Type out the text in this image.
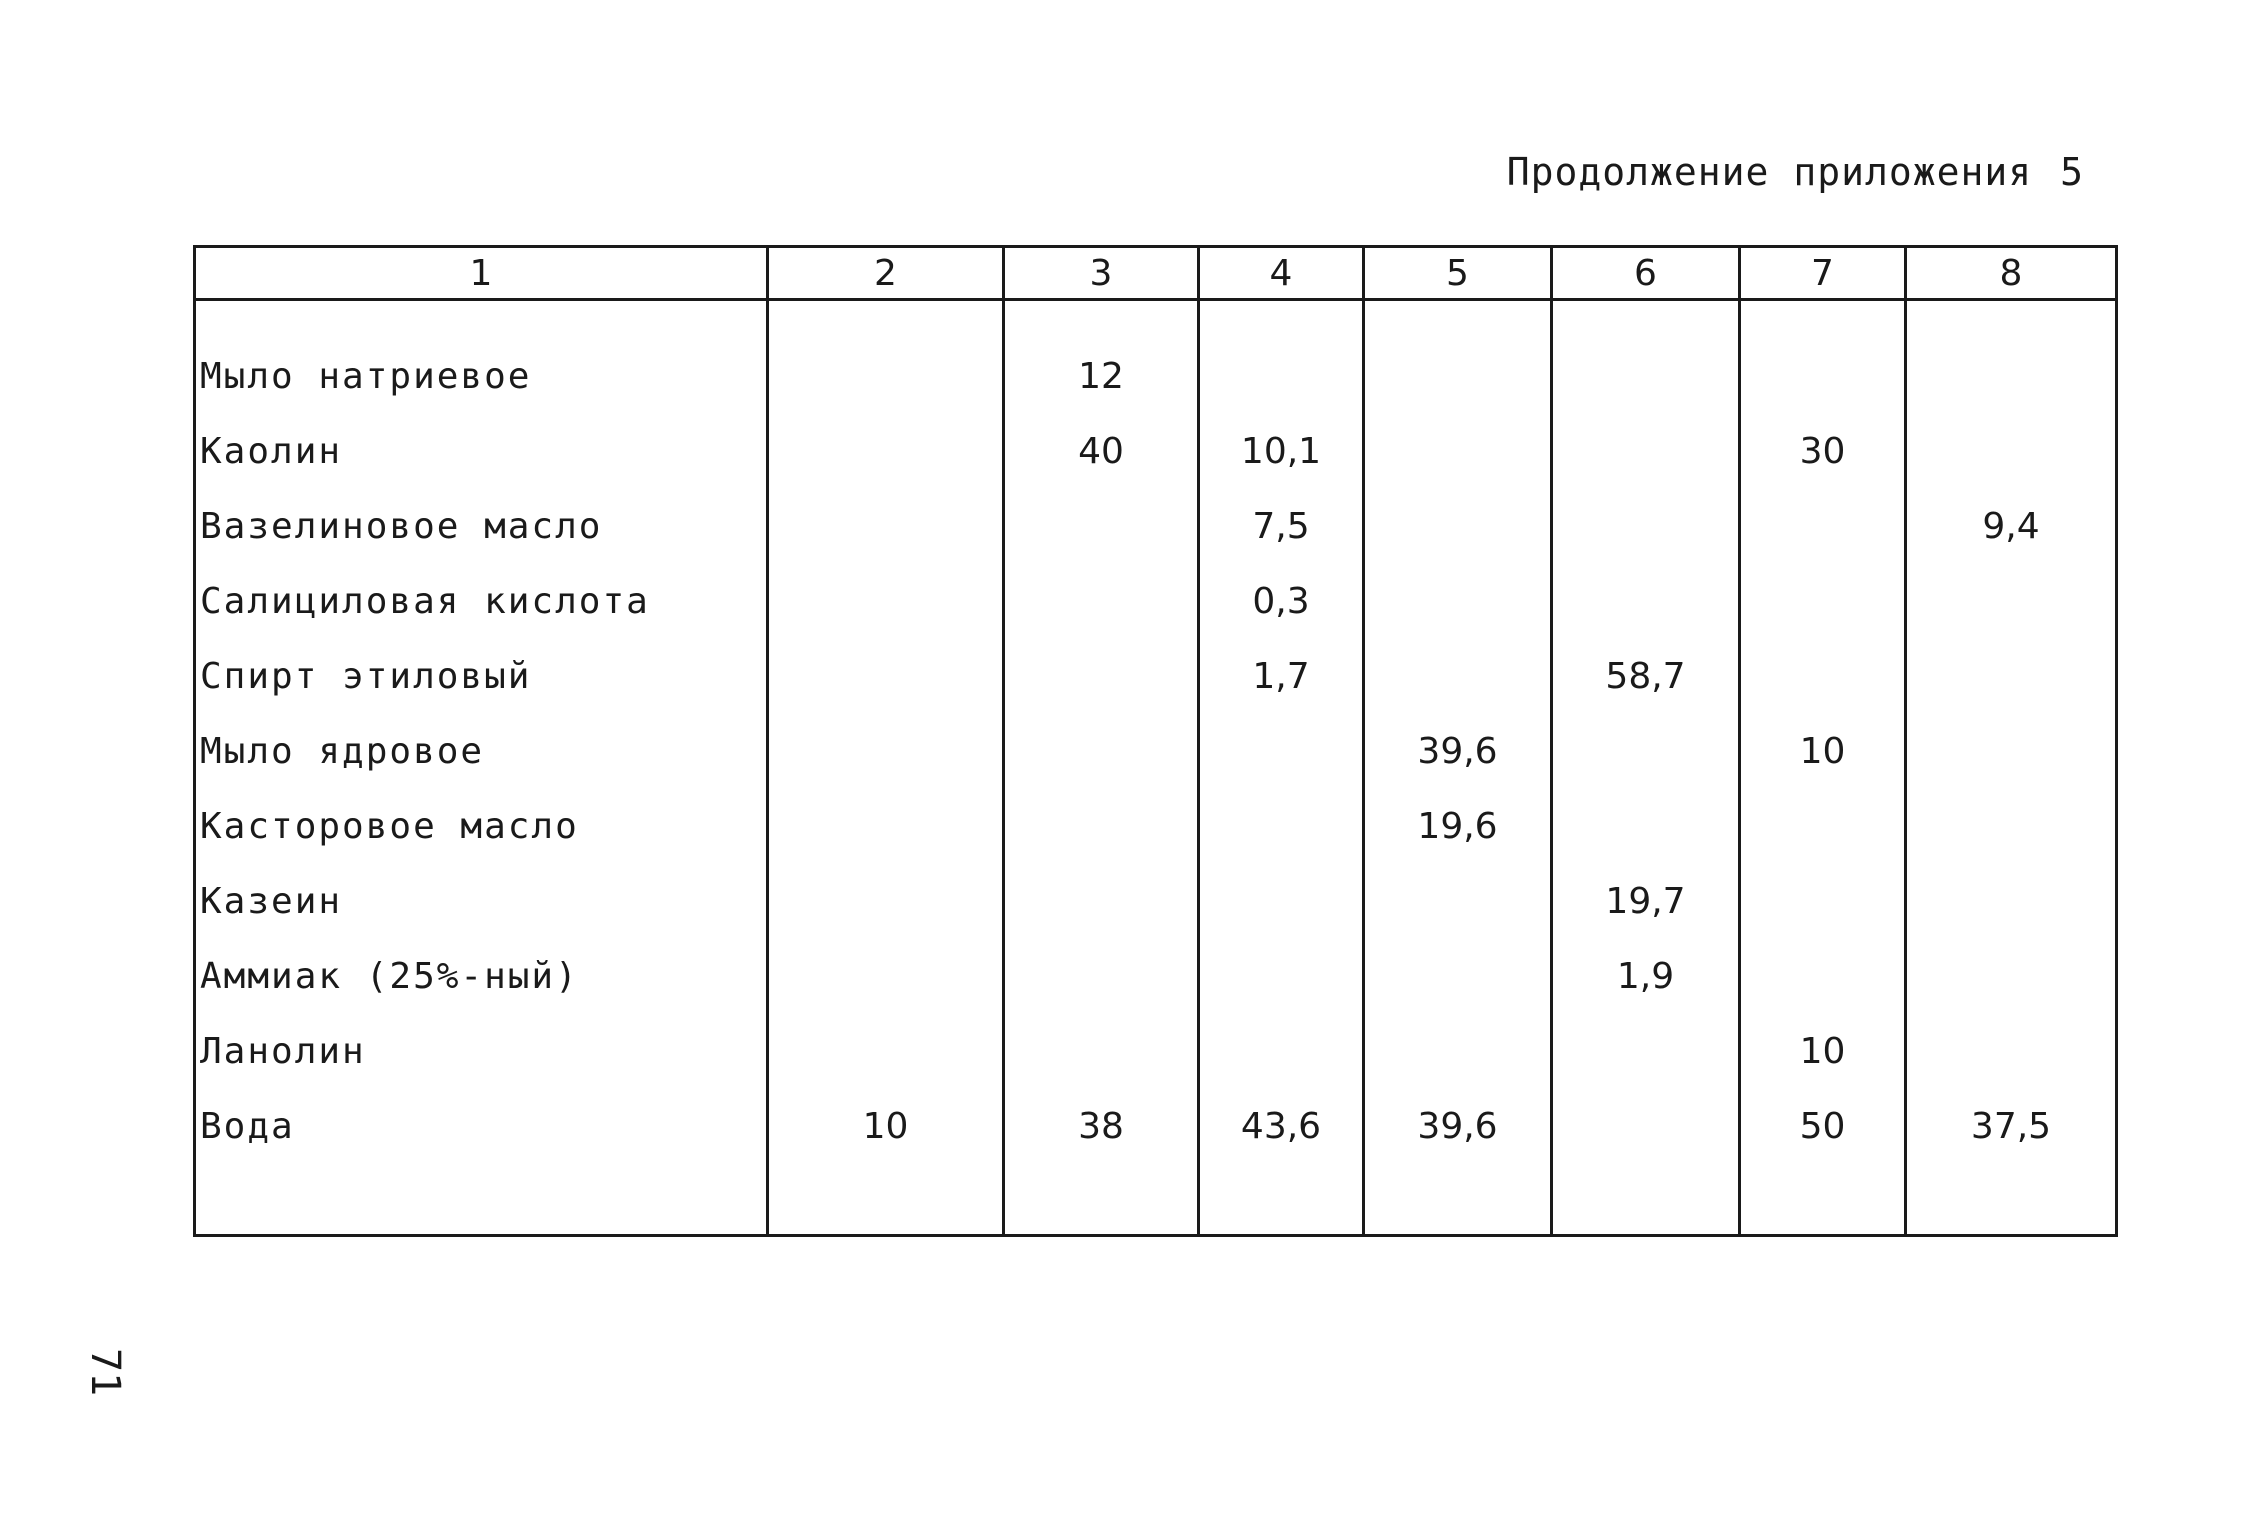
Продолжение приложения 5
1	2	3	4	5	6	7	8

Мыло натриевое		12					
Каолин		40	10,1			30	
Вазелиновое масло			7,5				9,4
Салициловая кислота			0,3				
Спирт этиловый			1,7		58,7		
Мыло ядровое				39,6		10	
Касторовое масло				19,6			
Казеин					19,7		
Аммиак (25%-ный)					1,9		
Ланолин						10	
Вода	10	38	43,6	39,6		50	37,5

71
